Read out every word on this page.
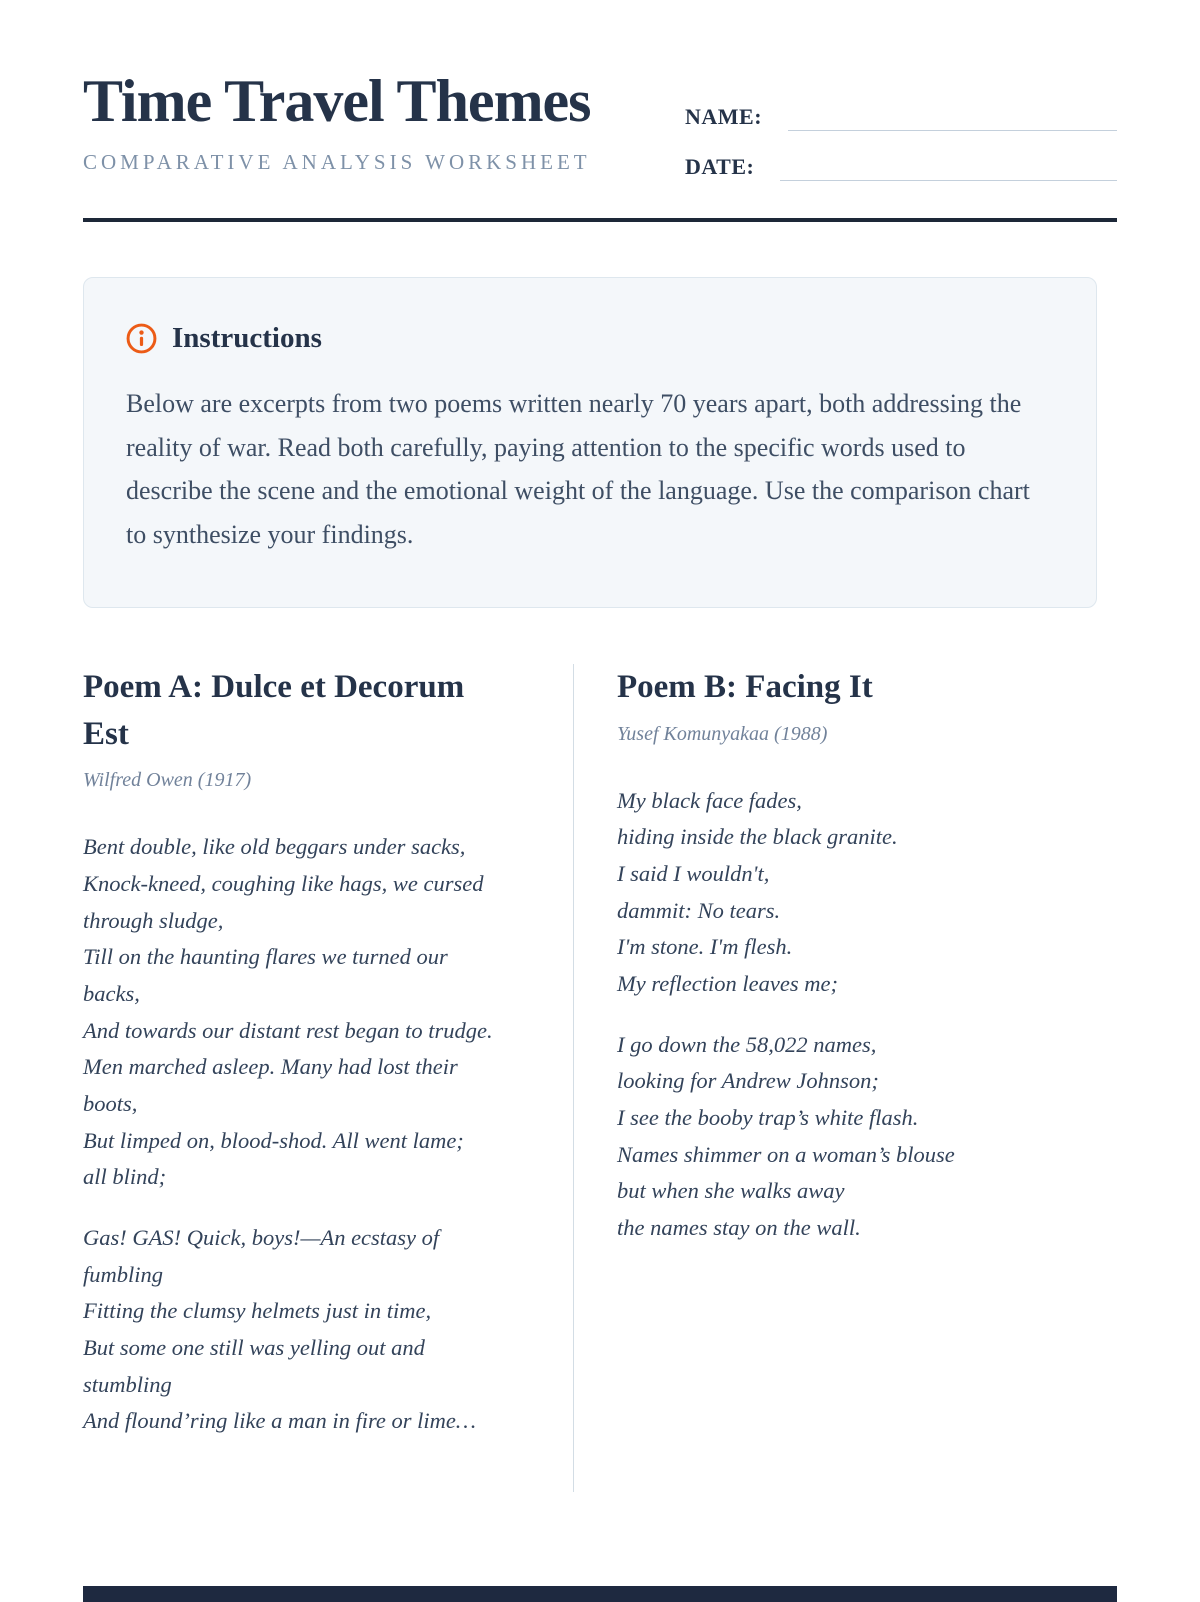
Time Travel Themes
COMPARATIVE ANALYSIS WORKSHEET
NAME:
DATE:
Instructions

Below are excerpts from two poems written nearly 70 years apart, both addressing the reality of war. Read both carefully, paying attention to the specific words used to describe the scene and the emotional weight of the language. Use the comparison chart to synthesize your findings.

Poem A: Dulce et Decorum Est
Wilfred Owen (1917)
Bent double, like old beggars under sacks,
Knock-kneed, coughing like hags, we cursed through sludge,
Till on the haunting flares we turned our backs,
And towards our distant rest began to trudge.
Men marched asleep. Many had lost their boots,
But limped on, blood-shod. All went lame; all blind;
Gas! GAS! Quick, boys!—An ecstasy of fumbling
Fitting the clumsy helmets just in time,
But some one still was yelling out and stumbling
And flound’ring like a man in fire or lime…
Poem B: Facing It
Yusef Komunyakaa (1988)
My black face fades,
hiding inside the black granite.
I said I wouldn't,
dammit: No tears.
I'm stone. I'm flesh.
My reflection leaves me;
I go down the 58,022 names,
looking for Andrew Johnson;
I see the booby trap’s white flash.
Names shimmer on a woman’s blouse
but when she walks away
the names stay on the wall.
